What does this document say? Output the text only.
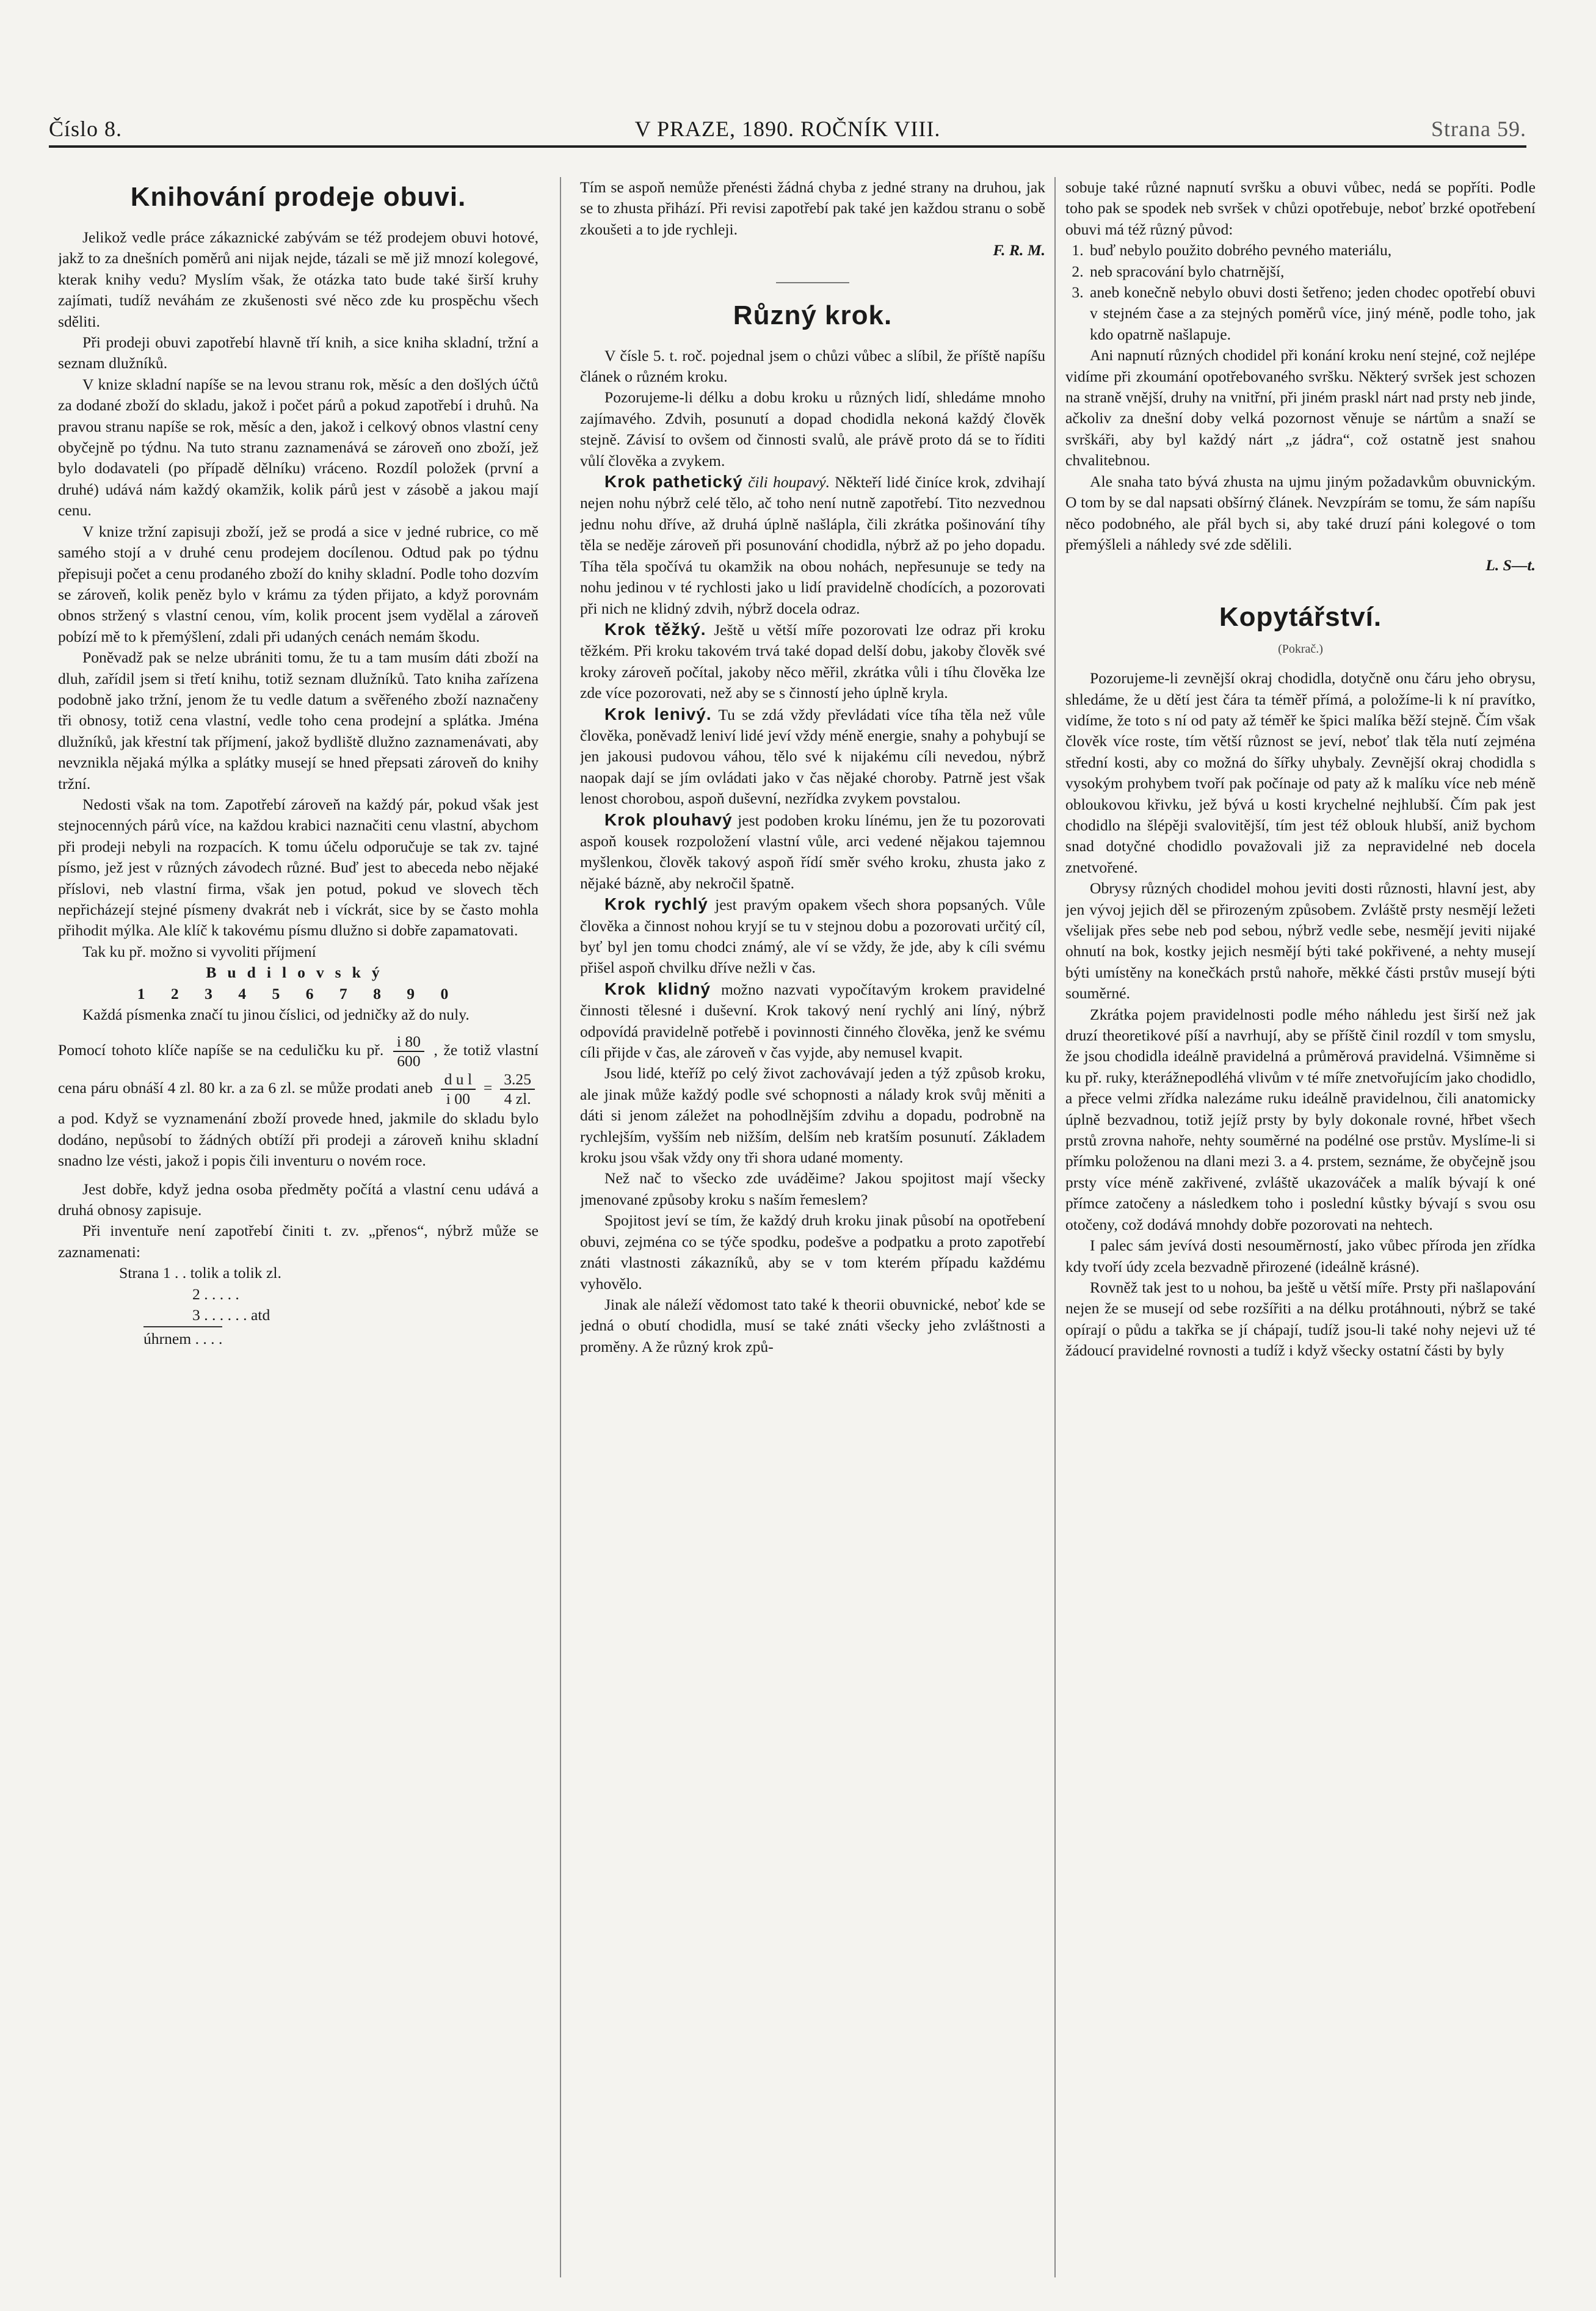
Číslo 8.	V PRAZE, 1890. ROČNÍK VIII.	Strana 59.
Knihování prodeje obuvi.

Jelikož vedle práce zákaznické zabývám se též prodejem obuvi hotové, jakž to za dnešních poměrů ani nijak nejde, tázali se mě již mnozí kolegové, kterak knihy vedu? Myslím však, že otázka tato bude také širší kruhy zajímati, tudíž neváhám ze zkušenosti své něco zde ku prospěchu všech sděliti.

Při prodeji obuvi zapotřebí hlavně tří knih, a sice kniha skladní, tržní a seznam dlužníků.

V knize skladní napíše se na levou stranu rok, měsíc a den došlých účtů za dodané zboží do skladu, jakož i počet párů a pokud zapotřebí i druhů. Na pravou stranu napíše se rok, měsíc a den, jakož i celkový obnos vlastní ceny obyčejně po týdnu. Na tuto stranu zaznamenává se zároveň ono zboží, jež bylo dodavateli (po případě dělníku) vráceno. Rozdíl položek (první a druhé) udává nám každý okamžik, kolik párů jest v zásobě a jakou mají cenu.

V knize tržní zapisuji zboží, jež se prodá a sice v jedné rubrice, co mě samého stojí a v druhé cenu prodejem docílenou. Odtud pak po týdnu přepisuji počet a cenu prodaného zboží do knihy skladní. Podle toho dozvím se zároveň, kolik peněz bylo v krámu za týden přijato, a když porovnám obnos stržený s vlastní cenou, vím, kolik procent jsem vydělal a zároveň pobízí mě to k přemýšlení, zdali při udaných cenách nemám škodu.

Poněvadž pak se nelze ubrániti tomu, že tu a tam musím dáti zboží na dluh, zařídil jsem si třetí knihu, totiž seznam dlužníků. Tato kniha zařízena podobně jako tržní, jenom že tu vedle datum a svěřeného zboží naznačeny tři obnosy, totiž cena vlastní, vedle toho cena prodejní a splátka. Jména dlužníků, jak křestní tak příjmení, jakož bydliště dlužno zaznamenávati, aby nevznikla nějaká mýlka a splátky musejí se hned přepsati zároveň do knihy tržní.

Nedosti však na tom. Zapotřebí zároveň na každý pár, pokud však jest stejnocenných párů více, na každou krabici naznačiti cenu vlastní, abychom při prodeji nebyli na rozpacích. K tomu účelu odporučuje se tak zv. tajné písmo, jež jest v různých závodech různé. Buď jest to abeceda nebo nějaké příslovi, neb vlastní firma, však jen potud, pokud ve slovech těch nepřicházejí stejné písmeny dvakrát neb i víckrát, sice by se často mohla přihodit mýlka. Ale klíč k takovému písmu dlužno si dobře zapamatovati.

Tak ku př. možno si vyvoliti příjmení

Budilovský

1 2 3 4 5 6 7 8 9 0

Každá písmenka značí tu jinou číslici, od jedničky až do nuly.

Pomocí tohoto klíče napíše se na ceduličku ku př. $\frac{i 80}{600}$ , že totiž vlastní cena páru obnáší 4 zl. 80 kr. a za 6 zl. se může prodati aneb $\frac{\text{d u l}}{i 00} = \frac{3.25}{4 zl.}$
a pod. Když se vyznamenání zboží provede hned, jakmile do skladu bylo dodáno, nepůsobí to žádných obtíží při prodeji a zároveň knihu skladní snadno lze vésti, jakož i popis čili inventuru o novém roce.

Jest dobře, když jedna osoba předměty počítá a vlastní cenu udává a druhá obnosy zapisuje.

Při inventuře není zapotřebí činiti t. zv. „přenos“, nýbrž může se zaznamenati:

Strana 1 . . tolik a tolik zl.
2 . . . . .
3 . . . . . . atd
úhrnem . . . .

Tím se aspoň nemůže přenésti žádná chyba z jedné strany na druhou, jak se to zhusta přihází. Při revisi zapotřebí pak také jen každou stranu o sobě zkoušeti a to jde rychleji.

F. R. M.

Různý krok.

V čísle 5. t. roč. pojednal jsem o chůzi vůbec a slíbil, že příště napíšu článek o různém kroku.

Pozorujeme-li délku a dobu kroku u různých lidí, shledáme mnoho zajímavého. Zdvih, posunutí a dopad chodidla nekoná každý člověk stejně. Závisí to ovšem od činnosti svalů, ale právě proto dá se to říditi vůlí člověka a zvykem.

Krok pathetický čili houpavý. Někteří lidé činíce krok, zdvihají nejen nohu nýbrž celé tělo, ač toho není nutně zapotřebí. Tito nezvednou jednu nohu dříve, až druhá úplně našlápla, čili zkrátka pošinování tíhy těla se neděje zároveň při posunování chodidla, nýbrž až po jeho dopadu. Tíha těla spočívá tu okamžik na obou nohách, nepřesunuje se tedy na nohu jedinou v té rychlosti jako u lidí pravidelně chodících, a pozorovati při nich ne klidný zdvih, nýbrž docela odraz.

Krok těžký. Ještě u větší míře pozorovati lze odraz při kroku těžkém. Při kroku takovém trvá také dopad delší dobu, jakoby člověk své kroky zároveň počítal, jakoby něco měřil, zkrátka vůli i tíhu člověka lze zde více pozorovati, než aby se s činností jeho úplně kryla.

Krok lenivý. Tu se zdá vždy převládati více tíha těla než vůle člověka, poněvadž leniví lidé jeví vždy méně energie, snahy a pohybují se jen jakousi pudovou váhou, tělo své k nijakému cíli nevedou, nýbrž naopak dají se jím ovládati jako v čas nějaké choroby. Patrně jest však lenost chorobou, aspoň duševní, nezřídka zvykem povstalou.

Krok plouhavý jest podoben kroku línému, jen že tu pozorovati aspoň kousek rozpoložení vlastní vůle, arci vedené nějakou tajemnou myšlenkou, člověk takový aspoň řídí směr svého kroku, zhusta jako z nějaké bázně, aby nekročil špatně.

Krok rychlý jest pravým opakem všech shora popsaných. Vůle člověka a činnost nohou kryjí se tu v stejnou dobu a pozorovati určitý cíl, byť byl jen tomu chodci známý, ale ví se vždy, že jde, aby k cíli svému přišel aspoň chvilku dříve nežli v čas.

Krok klidný možno nazvati vypočítavým krokem pravidelné činnosti tělesné i duševní. Krok takový není rychlý ani líný, nýbrž odpovídá pravidelně potřebě i povinnosti činného člověka, jenž ke svému cíli přijde v čas, ale zároveň v čas vyjde, aby nemusel kvapit.

Jsou lidé, kteříž po celý život zachovávají jeden a týž způsob kroku, ale jinak může každý podle své schopnosti a nálady krok svůj měniti a dáti si jenom záležet na pohodlnějším zdvihu a dopadu, podrobně na rychlejším, vyšším neb nižším, delším neb kratším posunutí. Základem kroku jsou však vždy ony tři shora udané momenty.

Než nač to všecko zde uváděime? Jakou spojitost mají všecky jmenované způsoby kroku s naším řemeslem?

Spojitost jeví se tím, že každý druh kroku jinak působí na opotřebení obuvi, zejména co se týče spodku, podešve a podpatku a proto zapotřebí znáti vlastnosti zákazníků, aby se v tom kterém případu každému vyhovělo.

Jinak ale náleží vědomost tato také k theorii obuvnické, neboť kde se jedná o obutí chodidla, musí se také znáti všecky jeho zvláštnosti a proměny. A že různý krok způ-

sobuje také různé napnutí svršku a obuvi vůbec, nedá se popříti. Podle toho pak se spodek neb svršek v chůzi opotřebuje, neboť brzké opotřebení obuvi má též různý původ:

1. buď nebylo použito dobrého pevného materiálu,
2. neb spracování bylo chatrnější,
3. aneb konečně nebylo obuvi dosti šetřeno; jeden chodec opotřebí obuvi v stejném čase a za stejných poměrů více, jiný méně, podle toho, jak kdo opatrně našlapuje.

Ani napnutí různých chodidel při konání kroku není stejné, což nejlépe vidíme při zkoumání opotřebovaného svršku. Některý svršek jest schozen na straně vnější, druhy na vnitřní, při jiném praskl nárt nad prsty neb jinde, ačkoliv za dnešní doby velká pozornost věnuje se nártům a snaží se svrškáři, aby byl každý nárt „z jádra“, což ostatně jest snahou chvalitebnou.

Ale snaha tato bývá zhusta na ujmu jiným požadavkům obuvnickým. O tom by se dal napsati obšírný článek. Nevzpírám se tomu, že sám napíšu něco podobného, ale přál bych si, aby také druzí páni kolegové o tom přemýšleli a náhledy své zde sdělili.

L. S—t.

Kopytářství.
(Pokrač.)

Pozorujeme-li zevnější okraj chodidla, dotyčně onu čáru jeho obrysu, shledáme, že u dětí jest čára ta téměř přímá, a položíme-li k ní pravítko, vidíme, že toto s ní od paty až téměř ke špici malíka běží stejně. Čím však člověk více roste, tím větší různost se jeví, neboť tlak těla nutí zejména střední kosti, aby co možná do šířky uhybaly. Zevnější okraj chodidla s vysokým prohybem tvoří pak počínaje od paty až k malíku více neb méně obloukovou křivku, jež bývá u kosti krychelné nejhlubší. Čím pak jest chodidlo na šlépěji svalovitější, tím jest též oblouk hlubší, aniž bychom snad dotyčné chodidlo považovali již za nepravidelné neb docela znetvořené.

Obrysy různých chodidel mohou jeviti dosti různosti, hlavní jest, aby jen vývoj jejich děl se přirozeným způsobem. Zvláště prsty nesmějí ležeti všelijak přes sebe neb pod sebou, nýbrž vedle sebe, nesmějí jeviti nijaké ohnutí na bok, kostky jejich nesmějí býti také pokřivené, a nehty musejí býti umístěny na konečkách prstů nahoře, měkké části prstův musejí býti souměrné.

Zkrátka pojem pravidelnosti podle mého náhledu jest širší než jak druzí theoretikové píší a navrhují, aby se příště činil rozdíl v tom smyslu, že jsou chodidla ideálně pravidelná a průměrová pravidelná. Všimněme si ku př. ruky, kterážnepodléhá vlivům v té míře znetvořujícím jako chodidlo, a přece velmi zřídka nalezáme ruku ideálně pravidelnou, čili anatomicky úplně bezvadnou, totiž jejíž prsty by byly dokonale rovné, hřbet všech prstů zrovna nahoře, nehty souměrné na podélné ose prstův. Myslíme-li si přímku položenou na dlani mezi 3. a 4. prstem, seznáme, že obyčejně jsou prsty více méně zakřivené, zvláště ukazováček a malík bývají k oné přímce zatočeny a následkem toho i poslední kůstky bývají s svou osu otočeny, což dodává mnohdy dobře pozorovati na nehtech.

I palec sám jevívá dosti nesouměrností, jako vůbec příroda jen zřídka kdy tvoří údy zcela bezvadně přirozené (ideálně krásné).

Rovněž tak jest to u nohou, ba ještě u větší míře. Prsty při našlapování nejen že se musejí od sebe rozšířiti a na délku protáhnouti, nýbrž se také opírají o půdu a takřka se jí chápají, tudíž jsou-li také nohy nejevi už té žádoucí pravidelné rovnosti a tudíž i když všecky ostatní části by byly
